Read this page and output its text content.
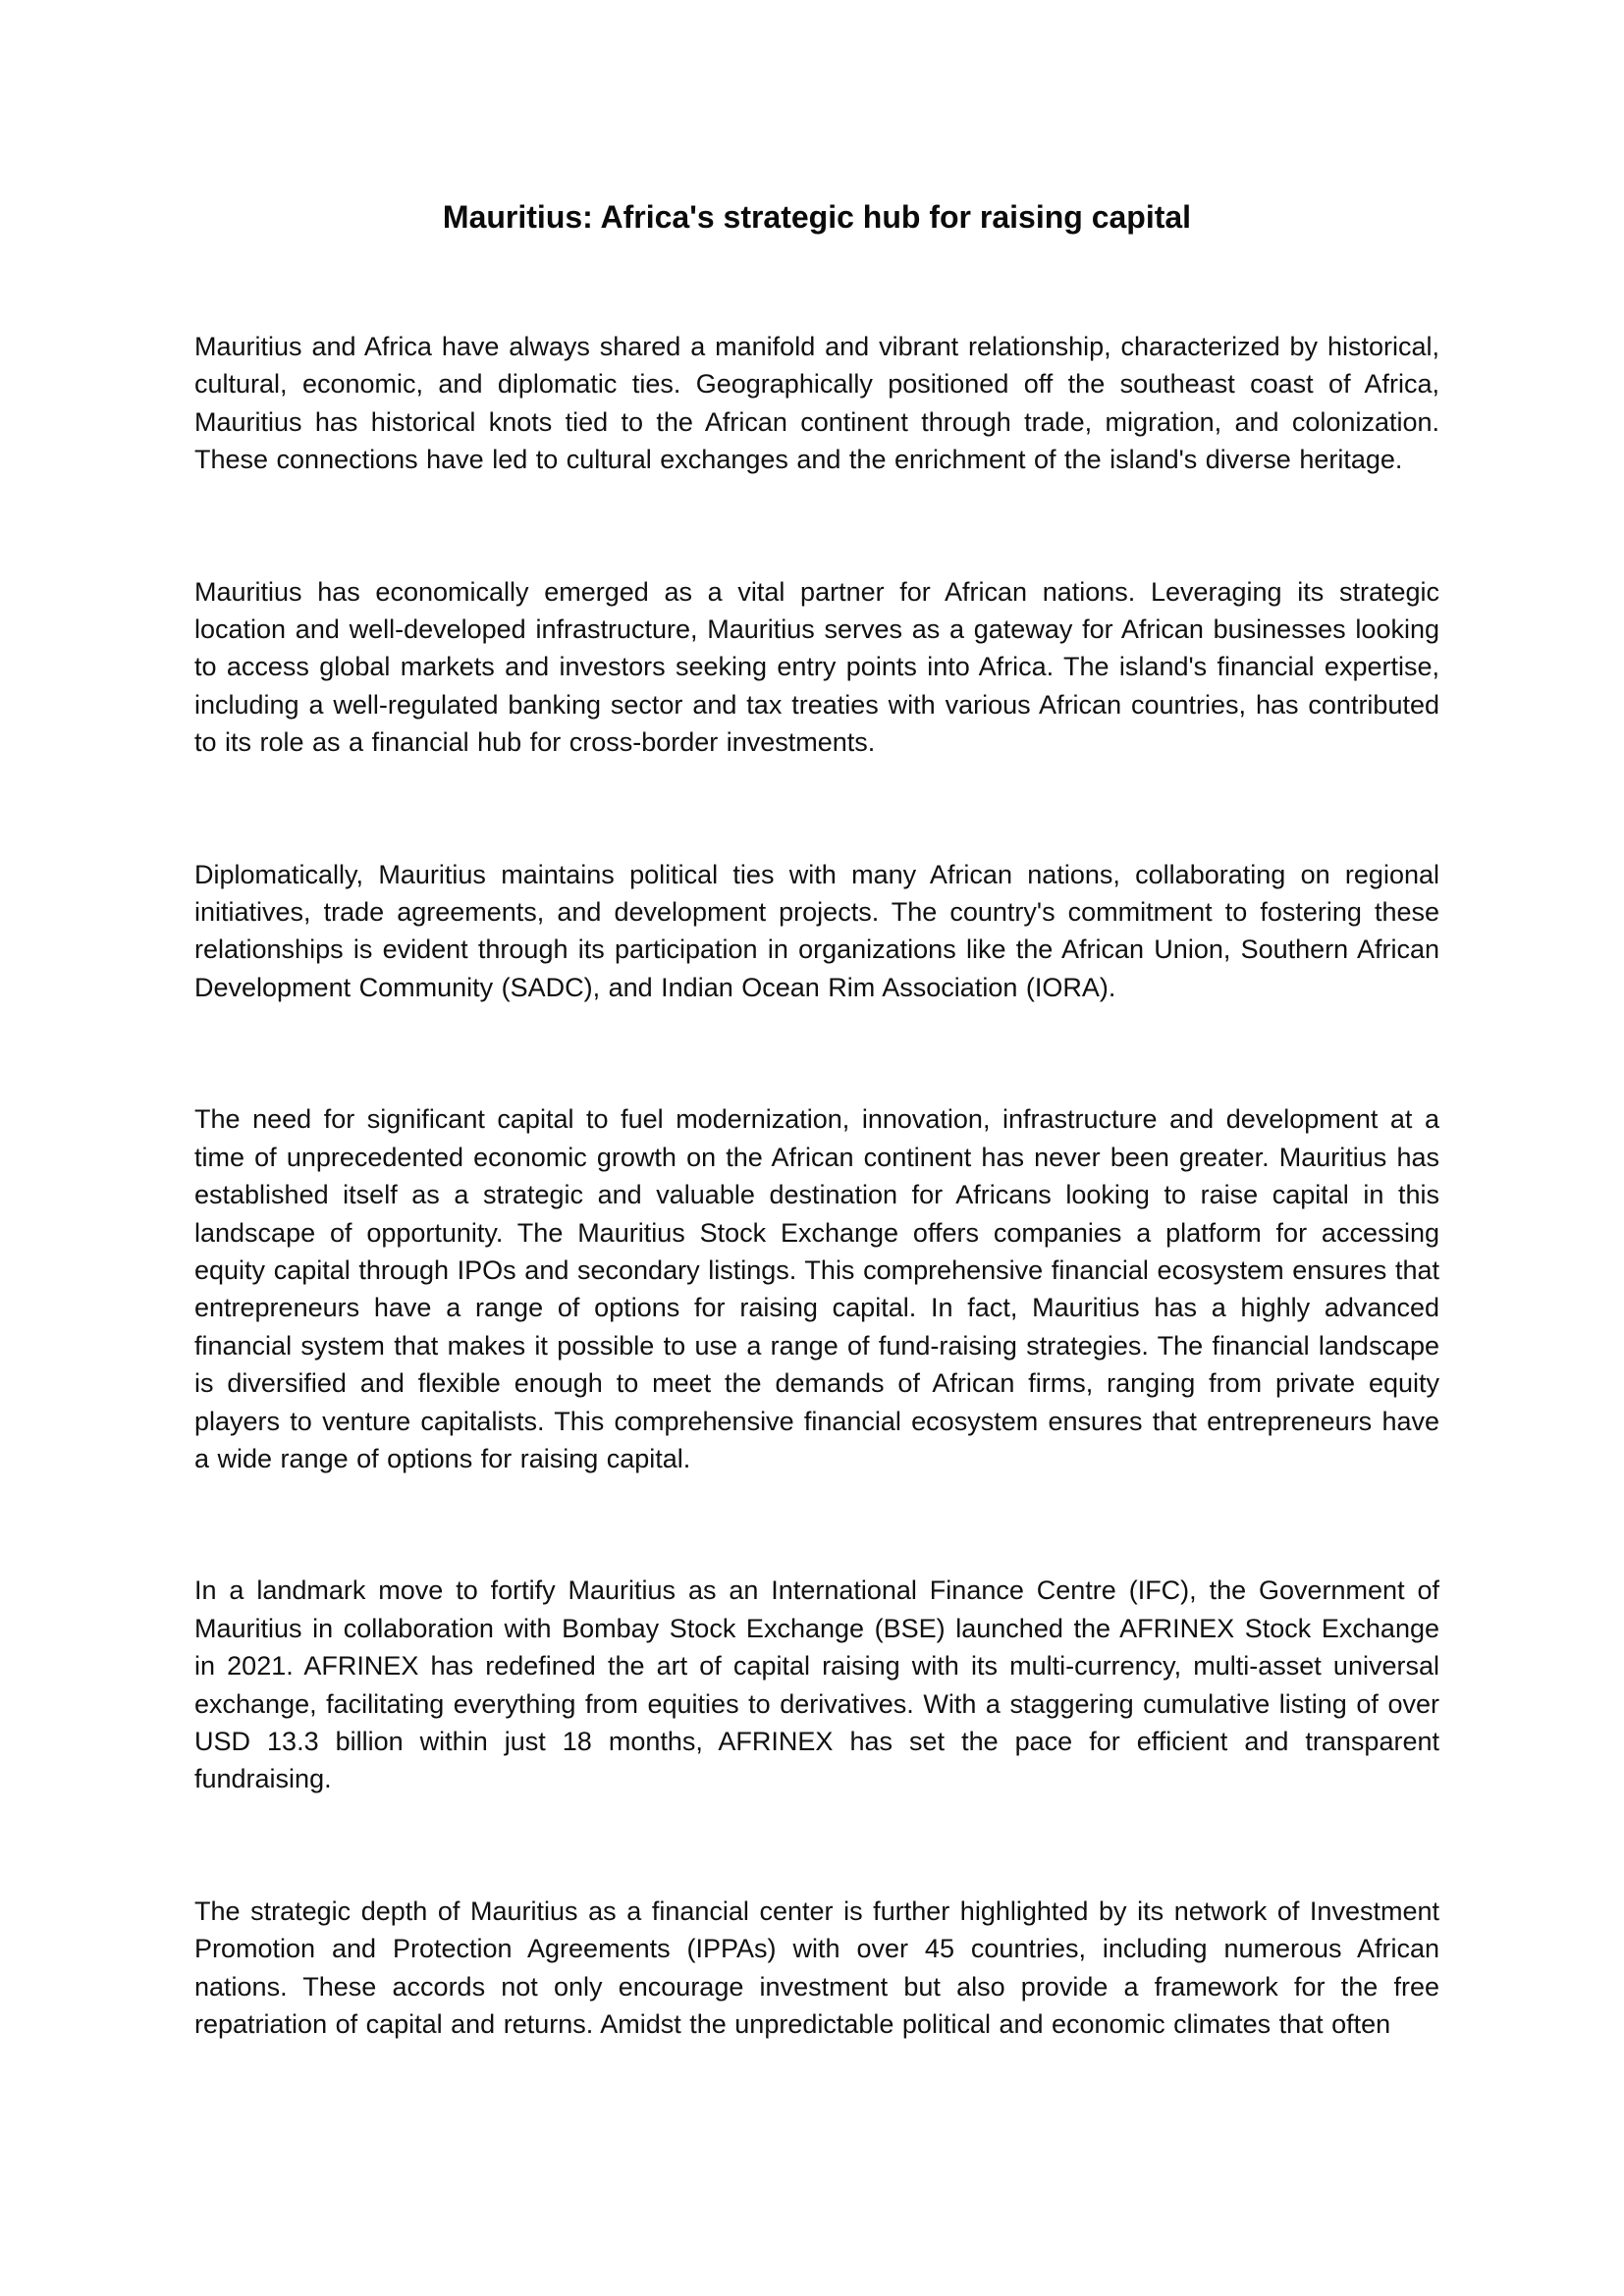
Mauritius: Africa's strategic hub for raising capital

Mauritius and Africa have always shared a manifold and vibrant relationship, characterized by historical, cultural, economic, and diplomatic ties. Geographically positioned off the southeast coast of Africa, Mauritius has historical knots tied to the African continent through trade, migration, and colonization. These connections have led to cultural exchanges and the enrichment of the island's diverse heritage.

Mauritius has economically emerged as a vital partner for African nations. Leveraging its strategic location and well-developed infrastructure, Mauritius serves as a gateway for African businesses looking to access global markets and investors seeking entry points into Africa. The island's financial expertise, including a well-regulated banking sector and tax treaties with various African countries, has contributed to its role as a financial hub for cross-border investments.

Diplomatically, Mauritius maintains political ties with many African nations, collaborating on regional initiatives, trade agreements, and development projects. The country's commitment to fostering these relationships is evident through its participation in organizations like the African Union, Southern African Development Community (SADC), and Indian Ocean Rim Association (IORA).

The need for significant capital to fuel modernization, innovation, infrastructure and development at a time of unprecedented economic growth on the African continent has never been greater. Mauritius has established itself as a strategic and valuable destination for Africans looking to raise capital in this landscape of opportunity. The Mauritius Stock Exchange offers companies a platform for accessing equity capital through IPOs and secondary listings. This comprehensive financial ecosystem ensures that entrepreneurs have a range of options for raising capital. In fact, Mauritius has a highly advanced financial system that makes it possible to use a range of fund-raising strategies. The financial landscape is diversified and flexible enough to meet the demands of African firms, ranging from private equity players to venture capitalists. This comprehensive financial ecosystem ensures that entrepreneurs have a wide range of options for raising capital.

In a landmark move to fortify Mauritius as an International Finance Centre (IFC), the Government of Mauritius in collaboration with Bombay Stock Exchange (BSE) launched the AFRINEX Stock Exchange in 2021. AFRINEX has redefined the art of capital raising with its multi-currency, multi-asset universal exchange, facilitating everything from equities to derivatives. With a staggering cumulative listing of over USD 13.3 billion within just 18 months, AFRINEX has set the pace for efficient and transparent fundraising.

The strategic depth of Mauritius as a financial center is further highlighted by its network of Investment Promotion and Protection Agreements (IPPAs) with over 45 countries, including numerous African nations. These accords not only encourage investment but also provide a framework for the free repatriation of capital and returns. Amidst the unpredictable political and economic climates that often
